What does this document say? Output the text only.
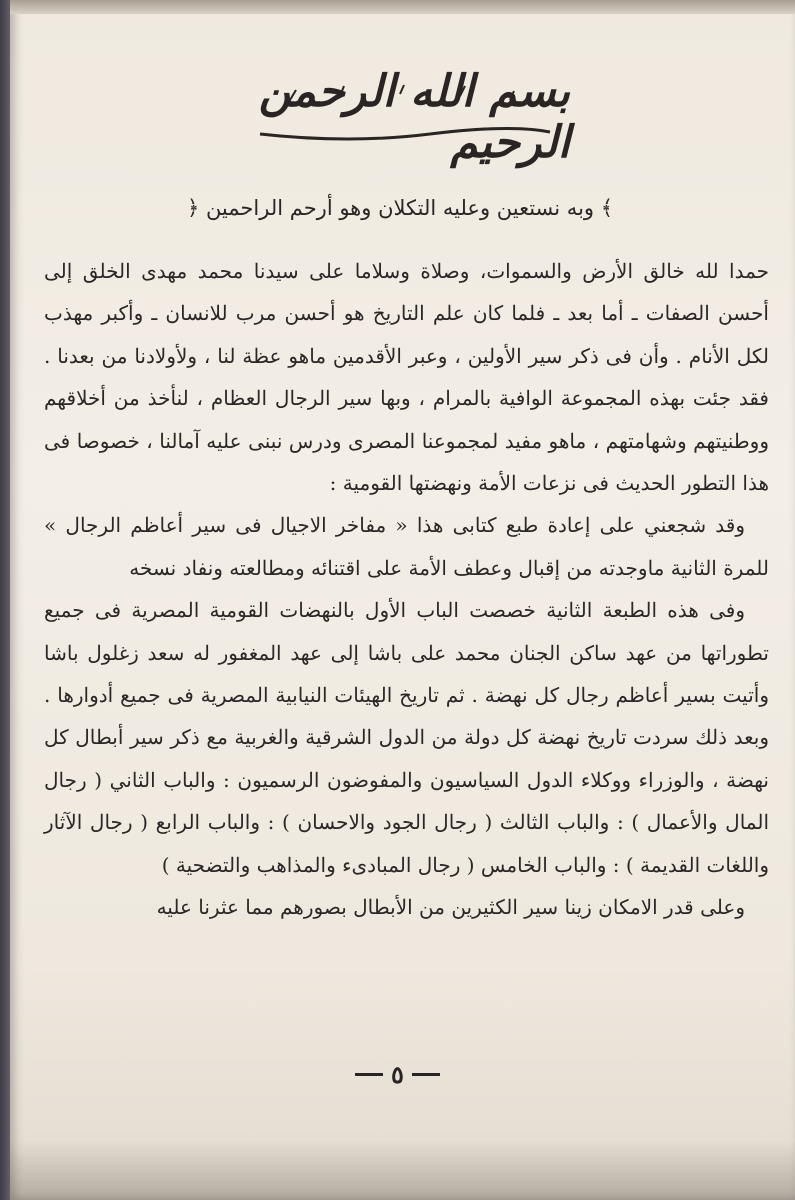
بسم الله الرحمن الرحيم
﴾ وبه نستعين وعليه التكلان وهو أرحم الراحمين ﴿

حمدا لله خالق الأرض والسموات، وصلاة وسلاما على سيدنا محمد مهدى الخلق إلى أحسن الصفات ـ أما بعد ـ فلما كان علم التاريخ هو أحسن مرب للانسان ـ وأكبر مهذب لكل الأنام . وأن فى ذكر سير الأولين ، وعبر الأقدمين ماهو عظة لنا ، ولأولادنا من بعدنا . فقد جئت بهذه المجموعة الوافية بالمرام ، وبها سير الرجال العظام ، لنأخذ من أخلاقهم ووطنيتهم وشهامتهم ، ماهو مفيد لمجموعنا المصرى ودرس نبنى عليه آمالنا ، خصوصا فى هذا التطور الحديث فى نزعات الأمة ونهضتها القومية :

وقد شجعني على إعادة طبع كتابى هذا « مفاخر الاجيال فى سير أعاظم الرجال » للمرة الثانية ماوجدته من إقبال وعطف الأمة على اقتنائه ومطالعته ونفاد نسخه

وفى هذه الطبعة الثانية خصصت الباب الأول بالنهضات القومية المصرية فى جميع تطوراتها من عهد ساكن الجنان محمد على باشا إلى عهد المغفور له سعد زغلول باشا وأتيت بسير أعاظم رجال كل نهضة . ثم تاريخ الهيئات النيابية المصرية فى جميع أدوارها . وبعد ذلك سردت تاريخ نهضة كل دولة من الدول الشرقية والغربية مع ذكر سير أبطال كل نهضة ، والوزراء ووكلاء الدول السياسيون والمفوضون الرسميون : والباب الثاني ( رجال المال والأعمال ) : والباب الثالث ( رجال الجود والاحسان ) : والباب الرابع ( رجال الآثار واللغات القديمة ) : والباب الخامس ( رجال المبادىء والمذاهب والتضحية )

وعلى قدر الامكان زينا سير الكثيرين من الأبطال بصورهم مما عثرنا عليه

٥
